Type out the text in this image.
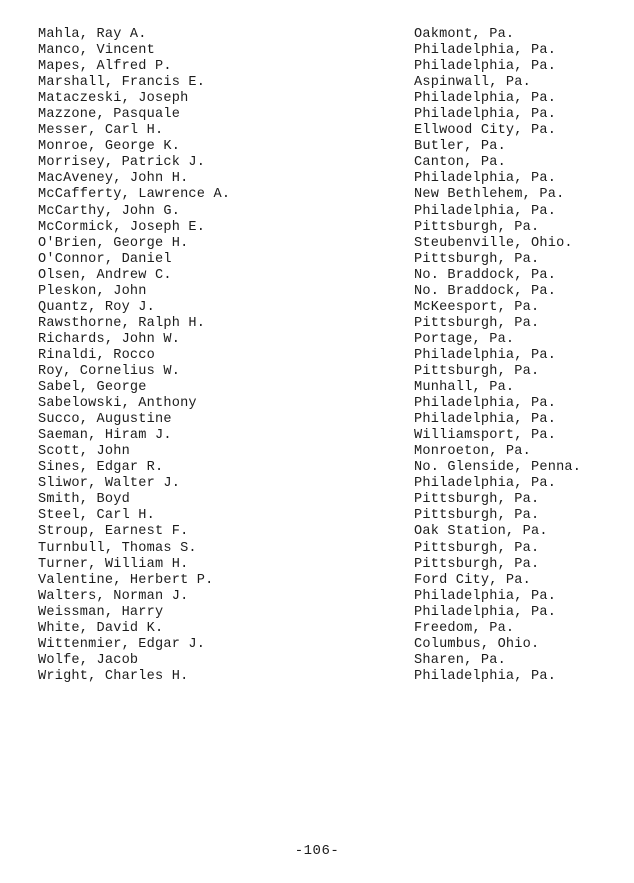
Mahla, Ray A.	Oakmont, Pa.
Manco, Vincent	Philadelphia, Pa.
Mapes, Alfred P.	Philadelphia, Pa.
Marshall, Francis E.	Aspinwall, Pa.
Mataczeski, Joseph	Philadelphia, Pa.
Mazzone, Pasquale	Philadelphia, Pa.
Messer, Carl H.	Ellwood City, Pa.
Monroe, George K.	Butler, Pa.
Morrisey, Patrick J.	Canton, Pa.
MacAveney, John H.	Philadelphia, Pa.
McCafferty, Lawrence A.	New Bethlehem, Pa.
McCarthy, John G.	Philadelphia, Pa.
McCormick, Joseph E.	Pittsburgh, Pa.
O'Brien, George H.	Steubenville, Ohio.
O'Connor, Daniel	Pittsburgh, Pa.
Olsen, Andrew C.	No. Braddock, Pa.
Pleskon, John	No. Braddock, Pa.
Quantz, Roy J.	McKeesport, Pa.
Rawsthorne, Ralph H.	Pittsburgh, Pa.
Richards, John W.	Portage, Pa.
Rinaldi, Rocco	Philadelphia, Pa.
Roy, Cornelius W.	Pittsburgh, Pa.
Sabel, George	Munhall, Pa.
Sabelowski, Anthony	Philadelphia, Pa.
Succo, Augustine	Philadelphia, Pa.
Saeman, Hiram J.	Williamsport, Pa.
Scott, John	Monroeton, Pa.
Sines, Edgar R.	No. Glenside, Penna.
Sliwor, Walter J.	Philadelphia, Pa.
Smith, Boyd	Pittsburgh, Pa.
Steel, Carl H.	Pittsburgh, Pa.
Stroup, Earnest F.	Oak Station, Pa.
Turnbull, Thomas S.	Pittsburgh, Pa.
Turner, William H.	Pittsburgh, Pa.
Valentine, Herbert P.	Ford City, Pa.
Walters, Norman J.	Philadelphia, Pa.
Weissman, Harry	Philadelphia, Pa.
White, David K.	Freedom, Pa.
Wittenmier, Edgar J.	Columbus, Ohio.
Wolfe, Jacob	Sharen, Pa.
Wright, Charles H.	Philadelphia, Pa.
-106-
